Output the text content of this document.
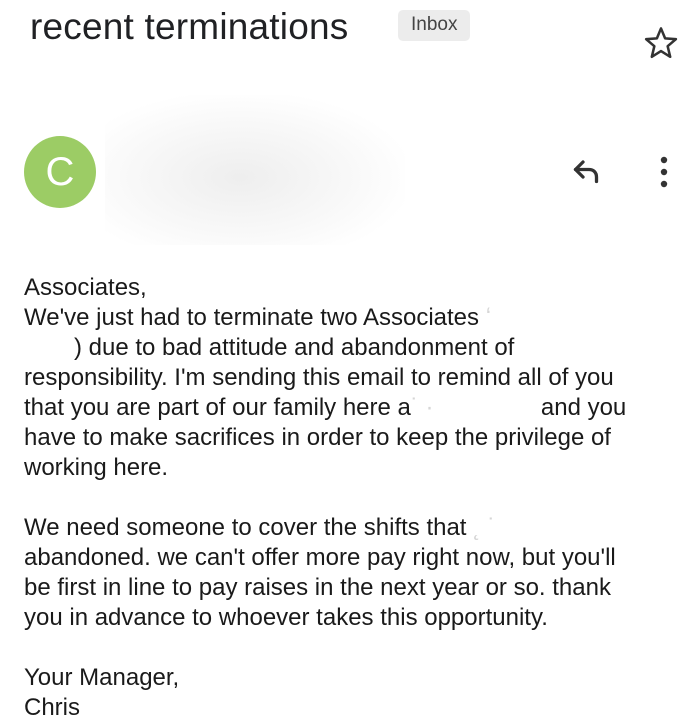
recent terminations	Inbox
C

Associates,

We've just had to terminate two Associates ʻ

) due to bad attitude and abandonment of

responsibility. I'm sending this email to remind all of you

that you are part of our family here a˙ ·	and you

have to make sacrifices in order to keep the privilege of

working here.

We need someone to cover the shifts that ˛ ˙

abandoned. we can't offer more pay right now, but you'll

be first in line to pay raises in the next year or so. thank

you in advance to whoever takes this opportunity.

Your Manager,

Chris
